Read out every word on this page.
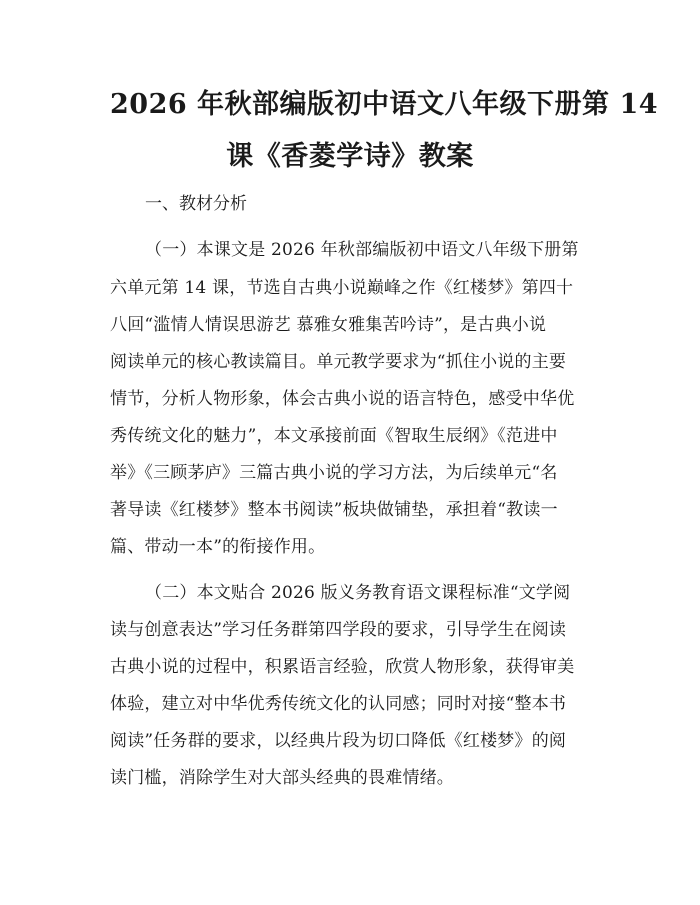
2026 年秋部编版初中语文八年级下册第 14
课《香菱学诗》教案
一、教材分析
（一）本课文是 2026 年秋部编版初中语文八年级下册第
六单元第 14 课，节选自古典小说巅峰之作《红楼梦》第四十
八回“滥情人情误思游艺 慕雅女雅集苦吟诗”，是古典小说
阅读单元的核心教读篇目。单元教学要求为“抓住小说的主要
情节，分析人物形象，体会古典小说的语言特色，感受中华优
秀传统文化的魅力”，本文承接前面《智取生辰纲》《范进中
举》《三顾茅庐》三篇古典小说的学习方法，为后续单元“名
著导读《红楼梦》整本书阅读”板块做铺垫，承担着“教读一
篇、带动一本”的衔接作用。
（二）本文贴合 2026 版义务教育语文课程标准“文学阅
读与创意表达”学习任务群第四学段的要求，引导学生在阅读
古典小说的过程中，积累语言经验，欣赏人物形象，获得审美
体验，建立对中华优秀传统文化的认同感；同时对接“整本书
阅读”任务群的要求，以经典片段为切口降低《红楼梦》的阅
读门槛，消除学生对大部头经典的畏难情绪。
